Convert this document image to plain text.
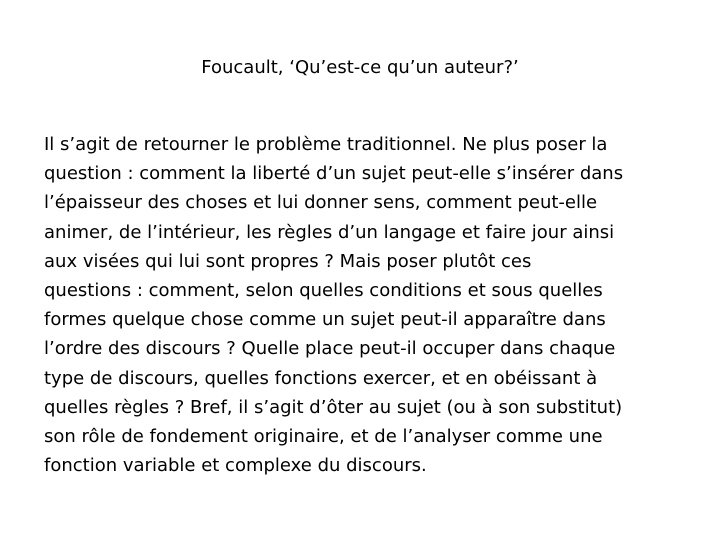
Foucault, ‘Qu’est-ce qu’un auteur?’
Il s’agit de retourner le problème traditionnel. Ne plus poser la
question : comment la liberté d’un sujet peut-elle s’insérer dans
l’épaisseur des choses et lui donner sens, comment peut-elle
animer, de l’intérieur, les règles d’un langage et faire jour ainsi
aux visées qui lui sont propres ? Mais poser plutôt ces
questions : comment, selon quelles conditions et sous quelles
formes quelque chose comme un sujet peut-il apparaître dans
l’ordre des discours ? Quelle place peut-il occuper dans chaque
type de discours, quelles fonctions exercer, et en obéissant à
quelles règles ? Bref, il s’agit d’ôter au sujet (ou à son substitut)
son rôle de fondement originaire, et de l’analyser comme une
fonction variable et complexe du discours.
